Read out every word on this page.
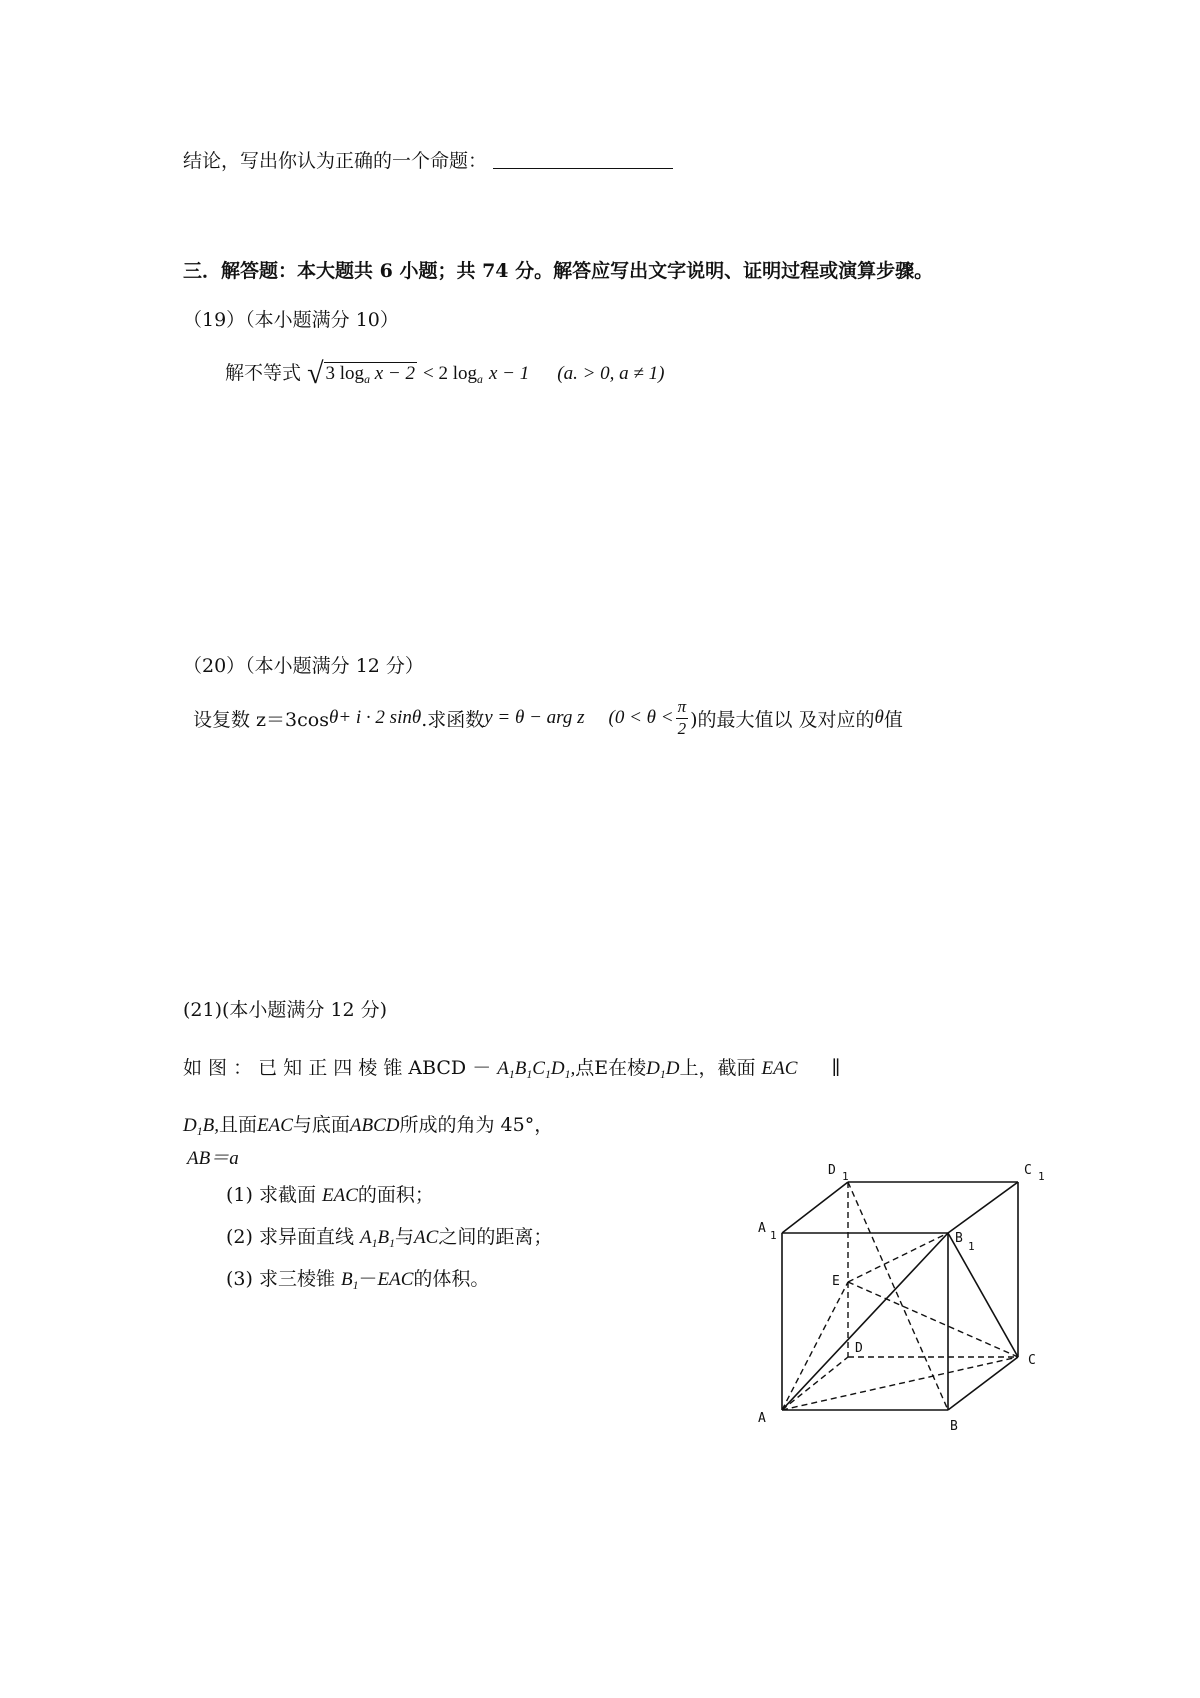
结论，写出你认为正确的一个命题：
三．解答题：本大题共 6 小题；共 74 分。解答应写出文字说明、证明过程或演算步骤。
（19）（本小题满分 10）
解不等式 √ 3 $\log_a x - 2 < 2$ $\log_a x - 1$ (a. > 0, a ≠ 1)
（20）（本小题满分 12 分）
设复数 z＝3cos θ + i · 2 sin θ .求函数 y = θ − arg z ($0 < \theta < \frac{\pi}{2}$ )的最大值以 及对应的 θ 值
(21)(本小题满分 12 分)
如 图 ： 已 知 正 四 棱 锥 ABCD － $A_1B_1C_1D_1$,点E在棱$D_1D$上，截面 EAC ∥
$D_1B$,且面EAC与底面ABCD所成的角为 45°，
AB＝a
(1) 求截面 EAC的面积；
(2) 求异面直线 $A_1B_1$与AC之间的距离；
(3) 求三棱锥 $B_1-EAC$的体积。
D 1	C 1
A 1	B
1
E
D
C
A
B
